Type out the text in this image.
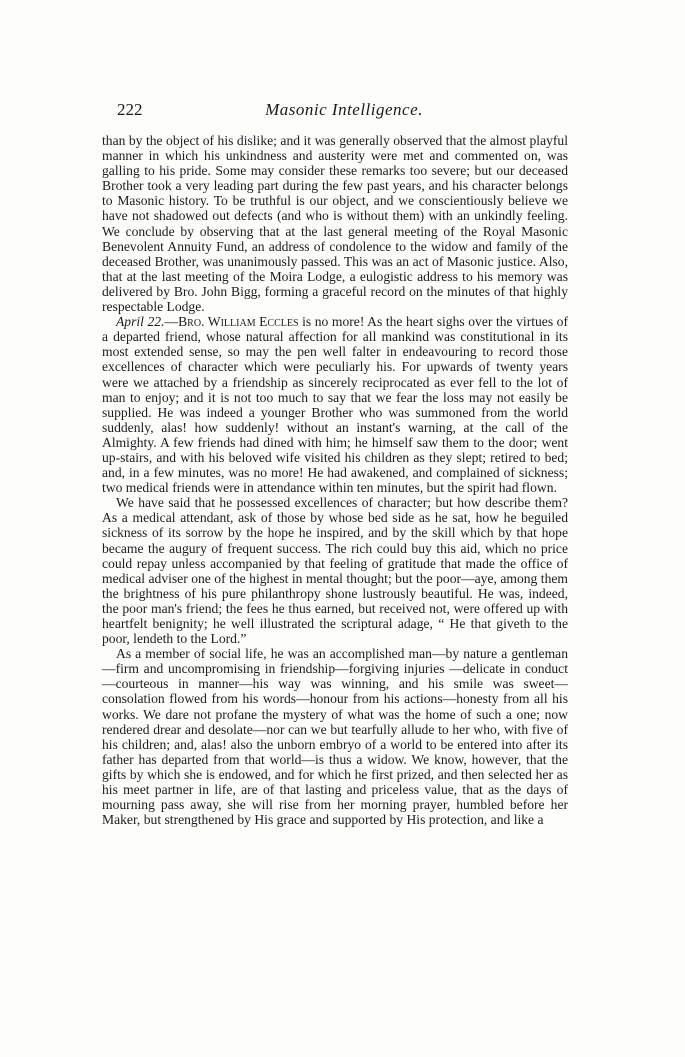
222	Masonic Intelligence.

than by the object of his dislike; and it was generally observed that the almost playful manner in which his unkindness and austerity were met and commented on, was galling to his pride. Some may consider these remarks too severe; but our deceased Brother took a very leading part during the few past years, and his character belongs to Masonic history. To be truthful is our object, and we conscientiously believe we have not shadowed out defects (and who is without them) with an unkindly feeling. We conclude by observing that at the last general meeting of the Royal Masonic Benevolent Annuity Fund, an address of condolence to the widow and family of the deceased Brother, was unanimously passed. This was an act of Masonic justice. Also, that at the last meeting of the Moira Lodge, a eulogistic address to his memory was delivered by Bro. John Bigg, forming a graceful record on the minutes of that highly respectable Lodge.

April 22.—Bro. William Eccles is no more! As the heart sighs over the virtues of a departed friend, whose natural affection for all mankind was constitutional in its most extended sense, so may the pen well falter in endeavouring to record those excellences of character which were peculiarly his. For upwards of twenty years were we attached by a friendship as sincerely reciprocated as ever fell to the lot of man to enjoy; and it is not too much to say that we fear the loss may not easily be supplied. He was indeed a younger Brother who was summoned from the world suddenly, alas! how suddenly! without an instant's warning, at the call of the Almighty. A few friends had dined with him; he himself saw them to the door; went up-stairs, and with his beloved wife visited his children as they slept; retired to bed; and, in a few minutes, was no more! He had awakened, and complained of sickness; two medical friends were in attendance within ten minutes, but the spirit had flown.

We have said that he possessed excellences of character; but how describe them? As a medical attendant, ask of those by whose bed side as he sat, how he beguiled sickness of its sorrow by the hope he inspired, and by the skill which by that hope became the augury of frequent success. The rich could buy this aid, which no price could repay unless accompanied by that feeling of gratitude that made the office of medical adviser one of the highest in mental thought; but the poor—aye, among them the brightness of his pure philanthropy shone lustrously beautiful. He was, indeed, the poor man's friend; the fees he thus earned, but received not, were offered up with heartfelt benignity; he well illustrated the scriptural adage, “ He that giveth to the poor, lendeth to the Lord.”

As a member of social life, he was an accomplished man—by nature a gentleman—firm and uncompromising in friendship—forgiving injuries —delicate in conduct—courteous in manner—his way was winning, and his smile was sweet—consolation flowed from his words—honour from his actions—honesty from all his works. We dare not profane the mystery of what was the home of such a one; now rendered drear and desolate—nor can we but tearfully allude to her who, with five of his children; and, alas! also the unborn embryo of a world to be entered into after its father has departed from that world—is thus a widow. We know, however, that the gifts by which she is endowed, and for which he first prized, and then selected her as his meet partner in life, are of that lasting and priceless value, that as the days of mourning pass away, she will rise from her morning prayer, humbled before her Maker, but strengthened by His grace and supported by His protection, and like a
